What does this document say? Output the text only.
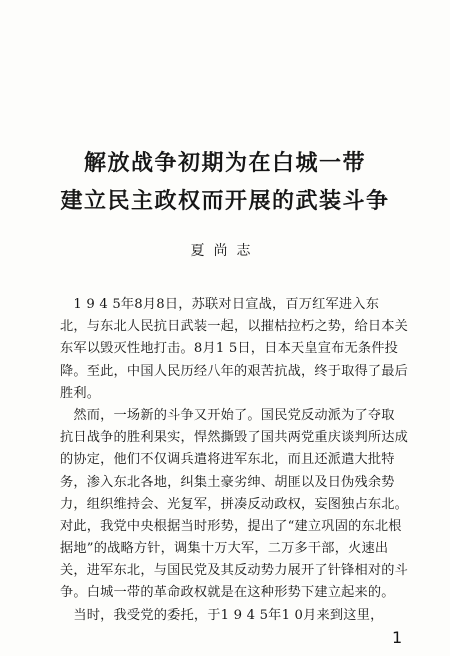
解放战争初期为在白城一带
建立民主政权而开展的武装斗争

夏尚志

　1 9 4 5年8月8日，苏联对日宣战，百万红军进入东
北，与东北人民抗日武装一起，以摧枯拉朽之势，给日本关
东军以毁灭性地打击。8月1 5日，日本天皇宣布无条件投
降。至此，中国人民历经八年的艰苦抗战，终于取得了最后
胜利。
　然而，一场新的斗争又开始了。国民党反动派为了夺取
抗日战争的胜利果实，悍然撕毁了国共两党重庆谈判所达成
的协定，他们不仅调兵遣将进军东北，而且还派遣大批特
务，渗入东北各地，纠集土豪劣绅、胡匪以及日伪残余势
力，组织维持会、光复军，拼凑反动政权，妄图独占东北。
对此，我党中央根据当时形势，提出了“建立巩固的东北根
据地”的战略方针，调集十万大军，二万多干部，火速出
关，进军东北，与国民党及其反动势力展开了针锋相对的斗
争。白城一带的革命政权就是在这种形势下建立起来的。
　当时，我受党的委托，于1 9 4 5年1 0月来到这里，
1
